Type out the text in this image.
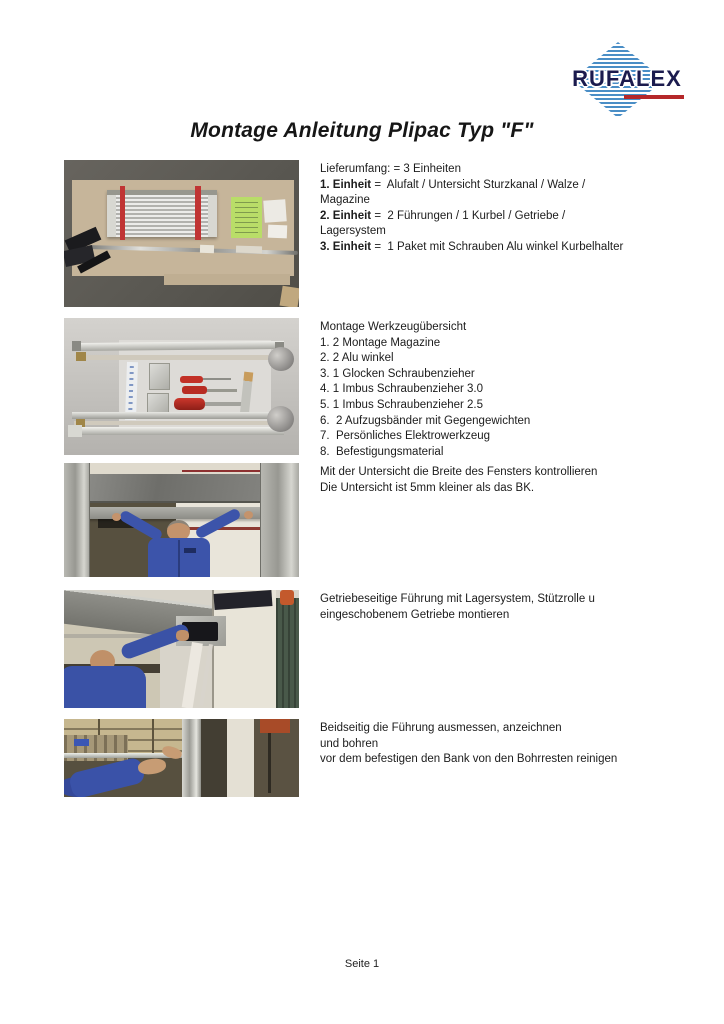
RUFALEX
Montage Anleitung Plipac Typ "F"
Lieferumfang: = 3 Einheiten
1. Einheit =  Alufalt / Untersicht Sturzkanal / Walze /
Magazine
2. Einheit =  2 Führungen / 1 Kurbel / Getriebe /
Lagersystem
3. Einheit =  1 Paket mit Schrauben Alu winkel Kurbelhalter
Montage Werkzeugübersicht
1. 2 Montage Magazine
2. 2 Alu winkel
3. 1 Glocken Schraubenzieher
4. 1 Imbus Schraubenzieher 3.0
5. 1 Imbus Schraubenzieher 2.5
6.  2 Aufzugsbänder mit Gegengewichten
7.  Persönliches Elektrowerkzeug
8.  Befestigungsmaterial
Mit der Untersicht die Breite des Fensters kontrollieren
Die Untersicht ist 5mm kleiner als das BK.
Getriebeseitige Führung mit Lagersystem, Stützrolle u
eingeschobenem Getriebe montieren
Beidseitig die Führung ausmessen, anzeichnen
und bohren
vor dem befestigen den Bank von den Bohrresten reinigen
Seite 1
